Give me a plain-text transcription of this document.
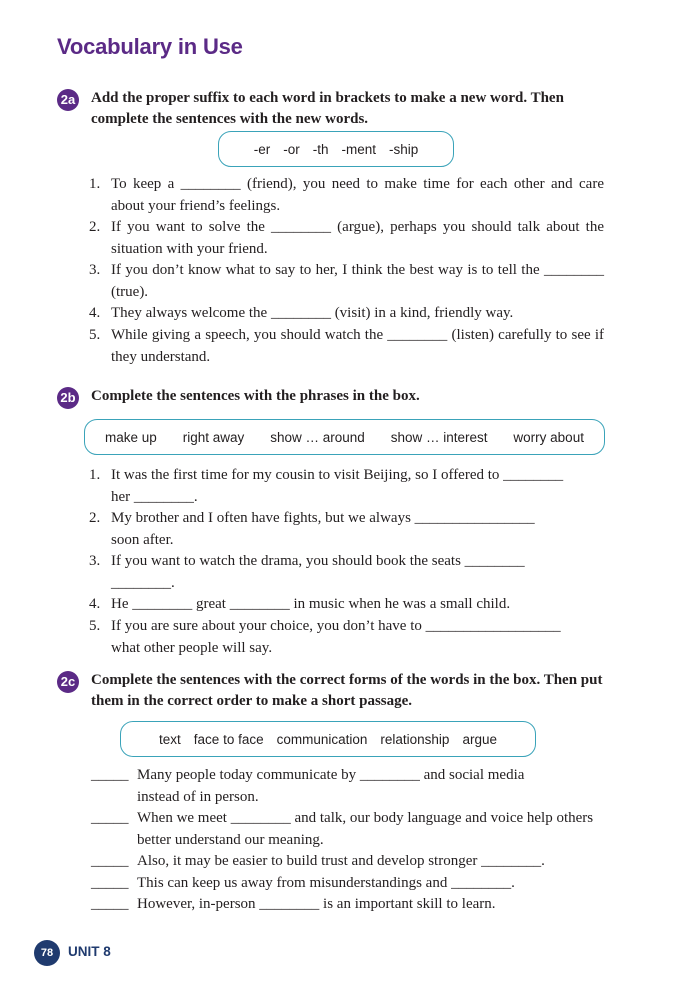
Vocabulary in Use
2a Add the proper suffix to each word in brackets to make a new word. Then complete the sentences with the new words.
-er -or -th -ment -ship
1. To keep a ________ (friend), you need to make time for each other and care about your friend’s feelings.
2. If you want to solve the ________ (argue), perhaps you should talk about the situation with your friend.
3. If you don’t know what to say to her, I think the best way is to tell the ________ (true).
4. They always welcome the ________ (visit) in a kind, friendly way.
5. While giving a speech, you should watch the ________ (listen) carefully to see if they understand.
2b Complete the sentences with the phrases in the box.
make up right away show … around show … interest worry about
1. It was the first time for my cousin to visit Beijing, so I offered to ________
her ________.
2. My brother and I often have fights, but we always ________________
soon after.
3. If you want to watch the drama, you should book the seats ________
________.
4. He ________ great ________ in music when he was a small child.
5. If you are sure about your choice, you don’t have to __________________
what other people will say.
2c Complete the sentences with the correct forms of the words in the box. Then put them in the correct order to make a short passage.
text face to face communication relationship argue
_____ Many people today communicate by ________ and social media instead of in person.
_____ When we meet ________ and talk, our body language and voice help others better understand our meaning.
_____ Also, it may be easier to build trust and develop stronger ________.
_____ This can keep us away from misunderstandings and ________.
_____ However, in-person ________ is an important skill to learn.
78	UNIT 8
